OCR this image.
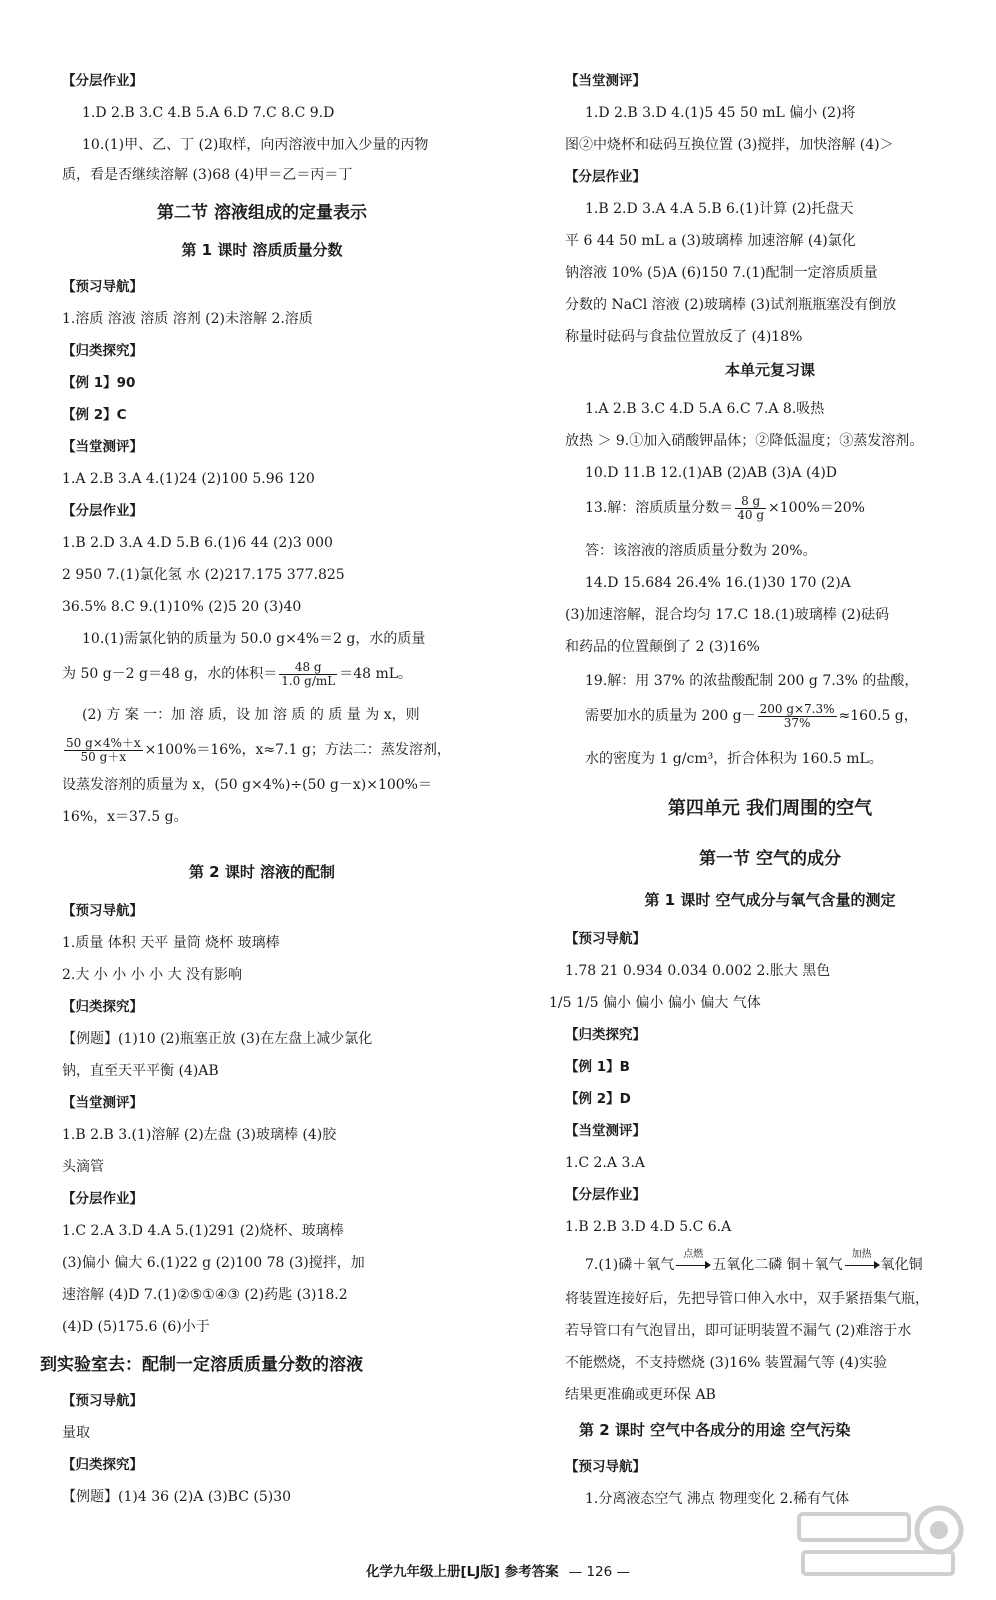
【分层作业】
1.D 2.B 3.C 4.B 5.A 6.D 7.C 8.C 9.D
10.(1)甲、乙、丁 (2)取样，向丙溶液中加入少量的丙物
质，看是否继续溶解 (3)68 (4)甲＝乙＝丙＝丁
第二节 溶液组成的定量表示
第 1 课时 溶质质量分数
【预习导航】
1.溶质 溶液 溶质 溶剂 (2)未溶解 2.溶质
【归类探究】
【例 1】90
【例 2】C
【当堂测评】
1.A 2.B 3.A 4.(1)24 (2)100 5.96 120
【分层作业】
1.B 2.D 3.A 4.D 5.B 6.(1)6 44 (2)3 000
2 950 7.(1)氯化氢 水 (2)217.175 377.825
36.5% 8.C 9.(1)10% (2)5 20 (3)40
10.(1)需氯化钠的质量为 50.0 g×4%＝2 g，水的质量
为 50 g－2 g＝48 g，水的体积＝ $\frac{48 g}{1.0 g/mL} =48$ mL。
(2) 方 案 一：加 溶 质，设 加 溶 质 的 质 量 为 x，则
$\frac{50 g\times 4\%+x}{50 g+x} \times 100\%=16\%$，x≈7.1 g；方法二：蒸发溶剂，
设蒸发溶剂的质量为 x，(50 g×4%)÷(50 g－x)×100%＝
16%，x＝37.5 g。
第 2 课时 溶液的配制
【预习导航】
1.质量 体积 天平 量筒 烧杯 玻璃棒
2.大 小 小 小 小 大 没有影响
【归类探究】
【例题】(1)10 (2)瓶塞正放 (3)在左盘上减少氯化
钠，直至天平平衡 (4)AB
【当堂测评】
1.B 2.B 3.(1)溶解 (2)左盘 (3)玻璃棒 (4)胶
头滴管
【分层作业】
1.C 2.A 3.D 4.A 5.(1)291 (2)烧杯、玻璃棒
(3)偏小 偏大 6.(1)22 g (2)100 78 (3)搅拌，加
速溶解 (4)D 7.(1)②⑤①④③ (2)药匙 (3)18.2
(4)D (5)175.6 (6)小于
到实验室去：配制一定溶质质量分数的溶液
【预习导航】
量取
【归类探究】
【例题】(1)4 36 (2)A (3)BC (5)30
【当堂测评】
1.D 2.B 3.D 4.(1)5 45 50 mL 偏小 (2)将
图②中烧杯和砝码互换位置 (3)搅拌，加快溶解 (4)＞
【分层作业】
1.B 2.D 3.A 4.A 5.B 6.(1)计算 (2)托盘天
平 6 44 50 mL a (3)玻璃棒 加速溶解 (4)氯化
钠溶液 10% (5)A (6)150 7.(1)配制一定溶质质量
分数的 NaCl 溶液 (2)玻璃棒 (3)试剂瓶瓶塞没有倒放
称量时砝码与食盐位置放反了 (4)18%
本单元复习课
1.A 2.B 3.C 4.D 5.A 6.C 7.A 8.吸热
放热 ＞ 9.①加入硝酸钾晶体；②降低温度；③蒸发溶剂。
10.D 11.B 12.(1)AB (2)AB (3)A (4)D
13.解：溶质质量分数＝ $\frac{8 g}{40 g} \times 100\%=20\%$
答：该溶液的溶质质量分数为 20%。
14.D 15.684 26.4% 16.(1)30 170 (2)A
(3)加速溶解，混合均匀 17.C 18.(1)玻璃棒 (2)砝码
和药品的位置颠倒了 2 (3)16%
19.解：用 37% 的浓盐酸配制 200 g 7.3% 的盐酸，
需要加水的质量为 200 $g- \frac{200 g\times 7.3\%}{37\%} \approx 160.5$ g，
水的密度为 1 g/cm³，折合体积为 160.5 mL。
第四单元 我们周围的空气
第一节 空气的成分
第 1 课时 空气成分与氧气含量的测定
【预习导航】
1.78 21 0.934 0.034 0.002 2.胀大 黑色
1/5 1/5 偏小 偏小 偏小 偏大 气体
【归类探究】
【例 1】B
【例 2】D
【当堂测评】
1.C 2.A 3.A
【分层作业】
1.B 2.B 3.D 4.D 5.C 6.A
7.(1)磷＋氧气
点燃
五氧化二磷 铜＋氧气
加热
氧化铜
将装置连接好后，先把导管口伸入水中，双手紧捂集气瓶，
若导管口有气泡冒出，即可证明装置不漏气 (2)难溶于水
不能燃烧，不支持燃烧 (3)16% 装置漏气等 (4)实验
结果更准确或更环保 AB
第 2 课时 空气中各成分的用途 空气污染
【预习导航】
1.分离液态空气 沸点 物理变化 2.稀有气体
化学九年级上册[LJ版] 参考答案 — 126 —
